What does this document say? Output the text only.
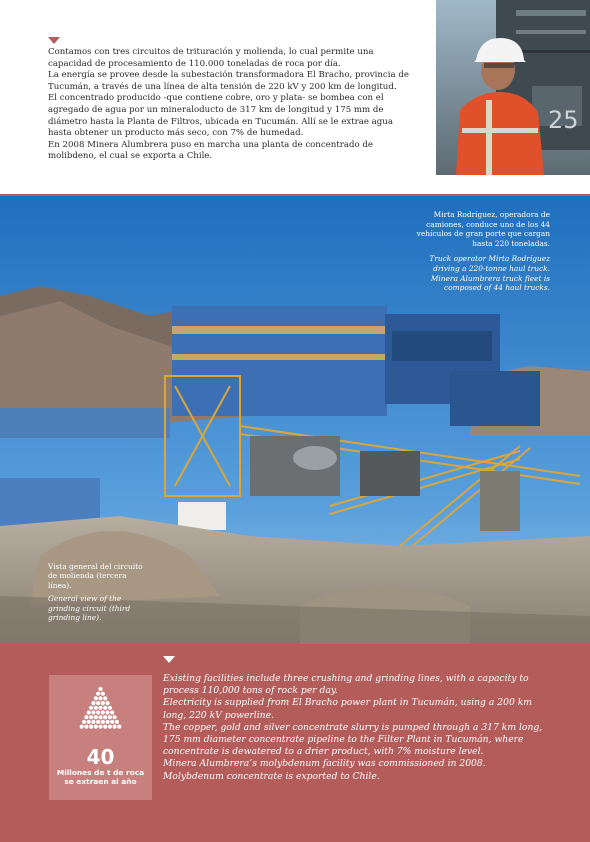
Contamos con tres circuitos de trituración y molienda, lo cual permite una capacidad de procesamiento de 110.000 toneladas de roca por día.

La energía se provee desde la subestación transformadora El Bracho, provincia de Tucumán, a través de una línea de alta tensión de 220 kV y 200 km de longitud.

El concentrado producido -que contiene cobre, oro y plata- se bombea con el agregado de agua por un mineraloducto de 317 km de longitud y 175 mm de diámetro hasta la Planta de Filtros, ubicada en Tucumán. Allí se le extrae agua hasta obtener un producto más seco, con 7% de humedad.

En 2008 Minera Alumbrera puso en marcha una planta de concentrado de molibdeno, el cual se exporta a Chile.

25
Mirta Rodríguez, operadora de camiones, conduce uno de los 44 vehículos de gran porte que cargan hasta 220 toneladas.
Truck operator Mirta Rodríguez driving a 220-tonne haul truck. Minera Alumbrera truck fleet is composed of 44 haul trucks.
Vista general del circuito de molienda (tercera línea).
General view of the grinding circuit (third grinding line).
40
Millones de t de roca se extraen al año
Existing facilities include three crushing and grinding lines, with a capacity to process 110,000 tons of rock per day.
Electricity is supplied from El Bracho power plant in Tucumán, using a 200 km long, 220 kV powerline.
The copper, gold and silver concentrate slurry is pumped through a 317 km long, 175 mm diameter concentrate pipeline to the Filter Plant in Tucumán, where concentrate is dewatered to a drier product, with 7% moisture level.
Minera Alumbrera’s molybdenum facility was commissioned in 2008. Molybdenum concentrate is exported to Chile.
